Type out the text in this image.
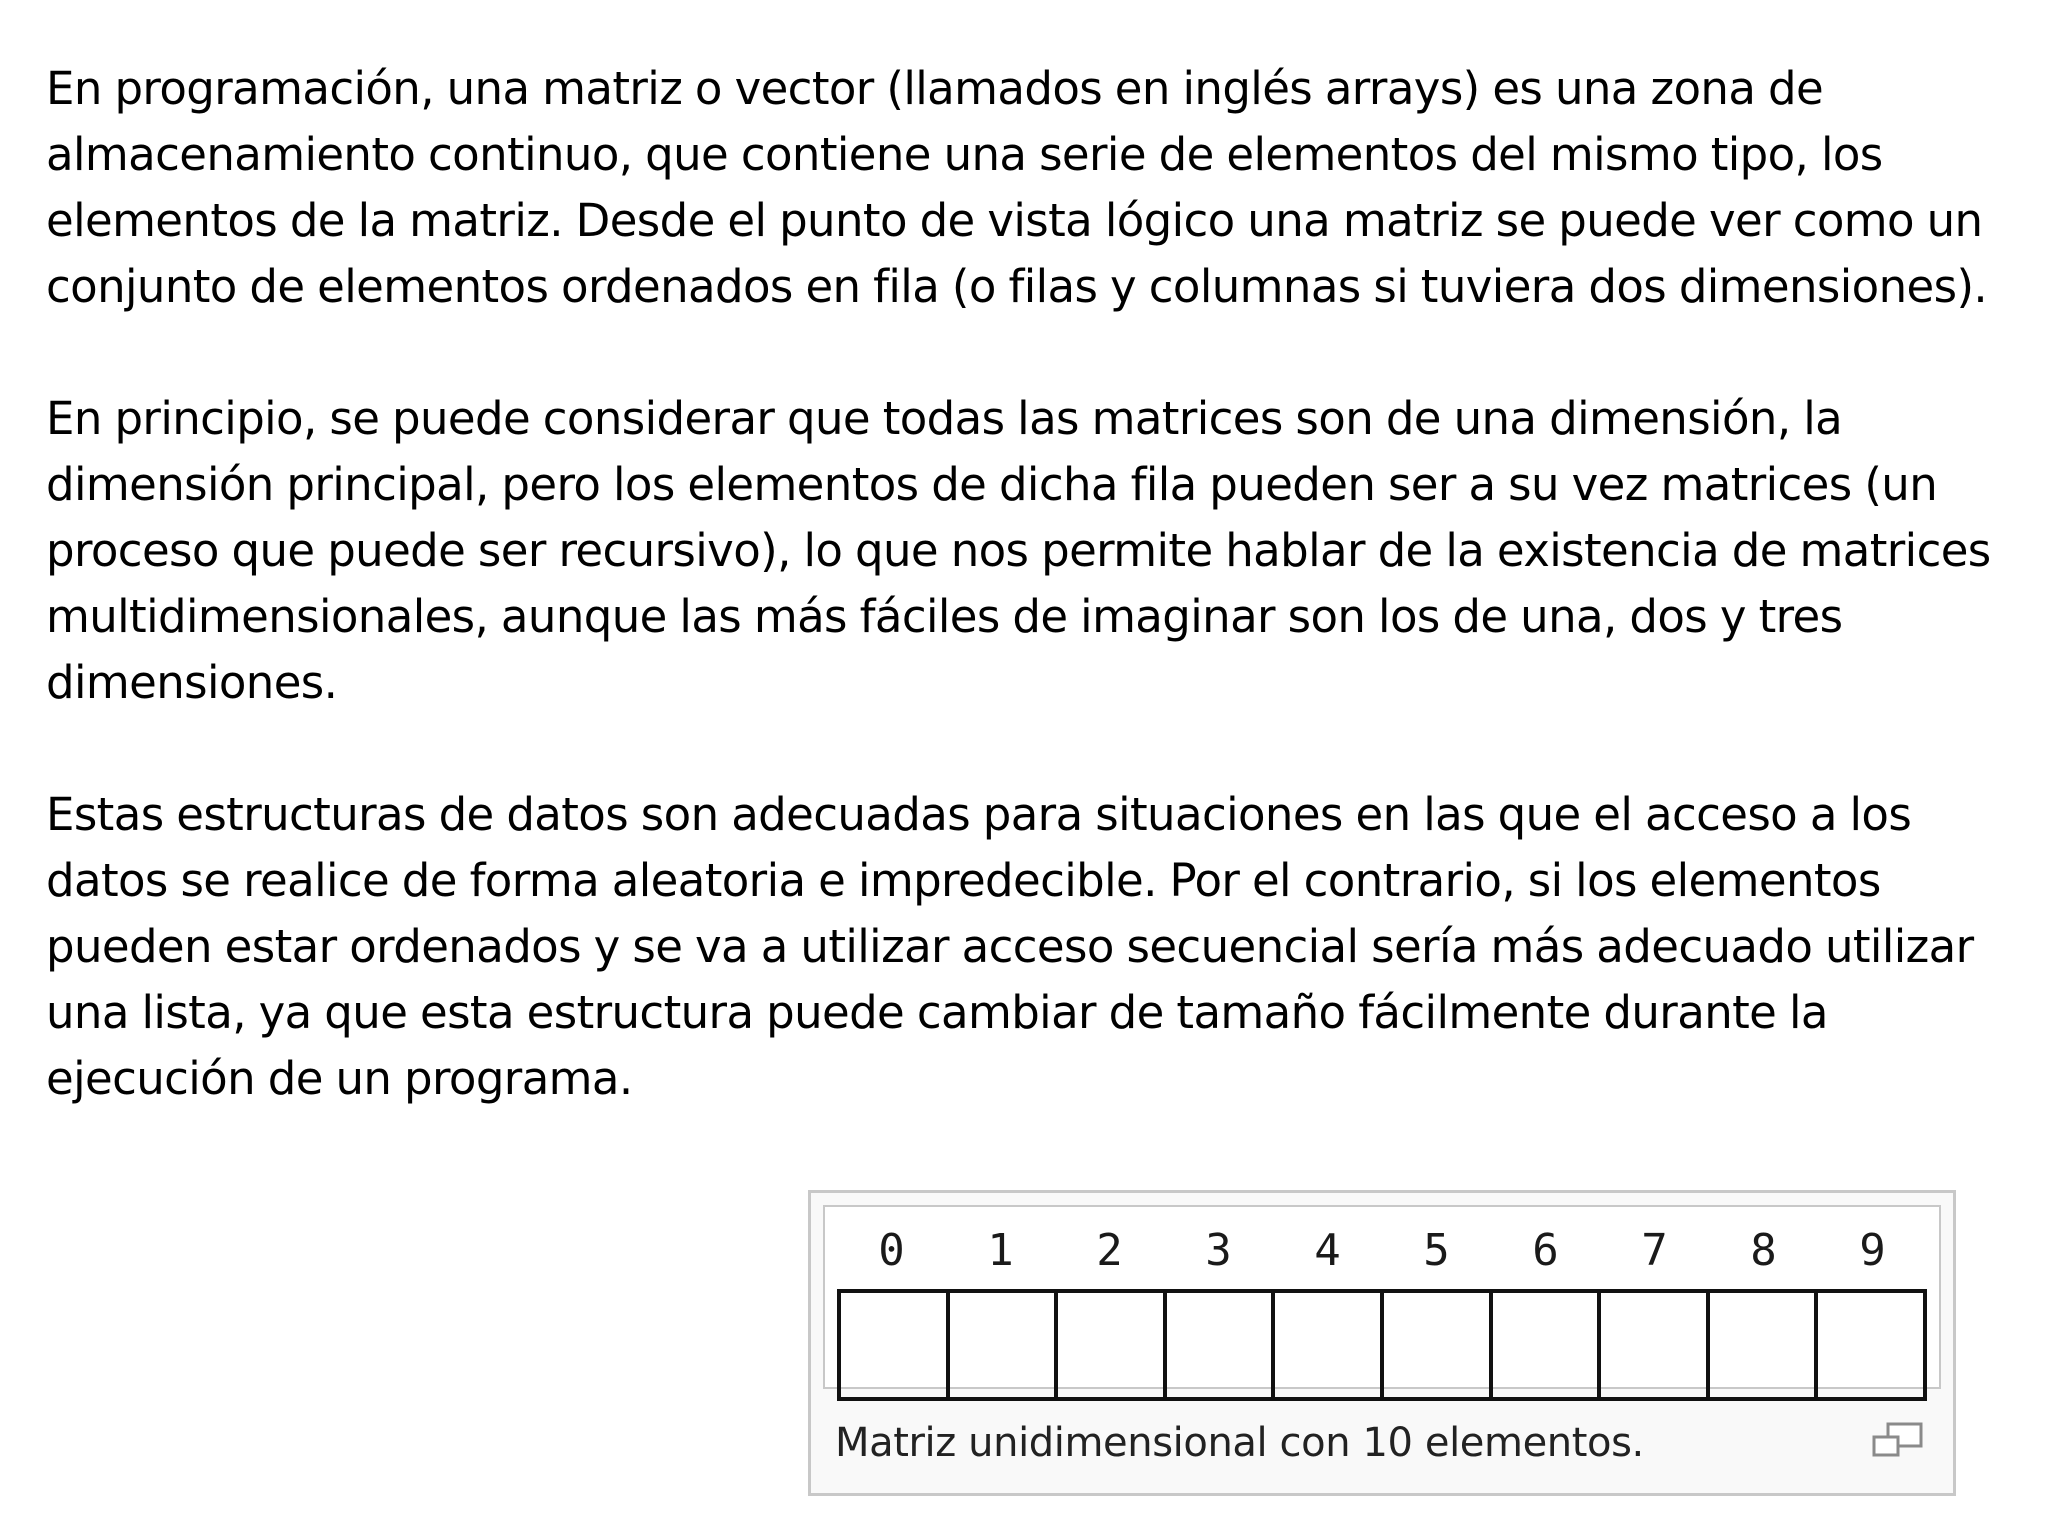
En programación, una matriz o vector (llamados en inglés arrays) es una zona de almacenamiento continuo, que contiene una serie de elementos del mismo tipo, los elementos de la matriz. Desde el punto de vista lógico una matriz se puede ver como un conjunto de elementos ordenados en fila (o filas y columnas si tuviera dos dimensiones).

En principio, se puede considerar que todas las matrices son de una dimensión, la dimensión principal, pero los elementos de dicha fila pueden ser a su vez matrices (un proceso que puede ser recursivo), lo que nos permite hablar de la existencia de matrices multidimensionales, aunque las más fáciles de imaginar son los de una, dos y tres dimensiones.

Estas estructuras de datos son adecuadas para situaciones en las que el acceso a los datos se realice de forma aleatoria e impredecible. Por el contrario, si los elementos pueden estar ordenados y se va a utilizar acceso secuencial sería más adecuado utilizar una lista, ya que esta estructura puede cambiar de tamaño fácilmente durante la ejecución de un programa.

0	1	2	3	4	5	6	7	8	9
Matriz unidimensional con 10 elementos.
